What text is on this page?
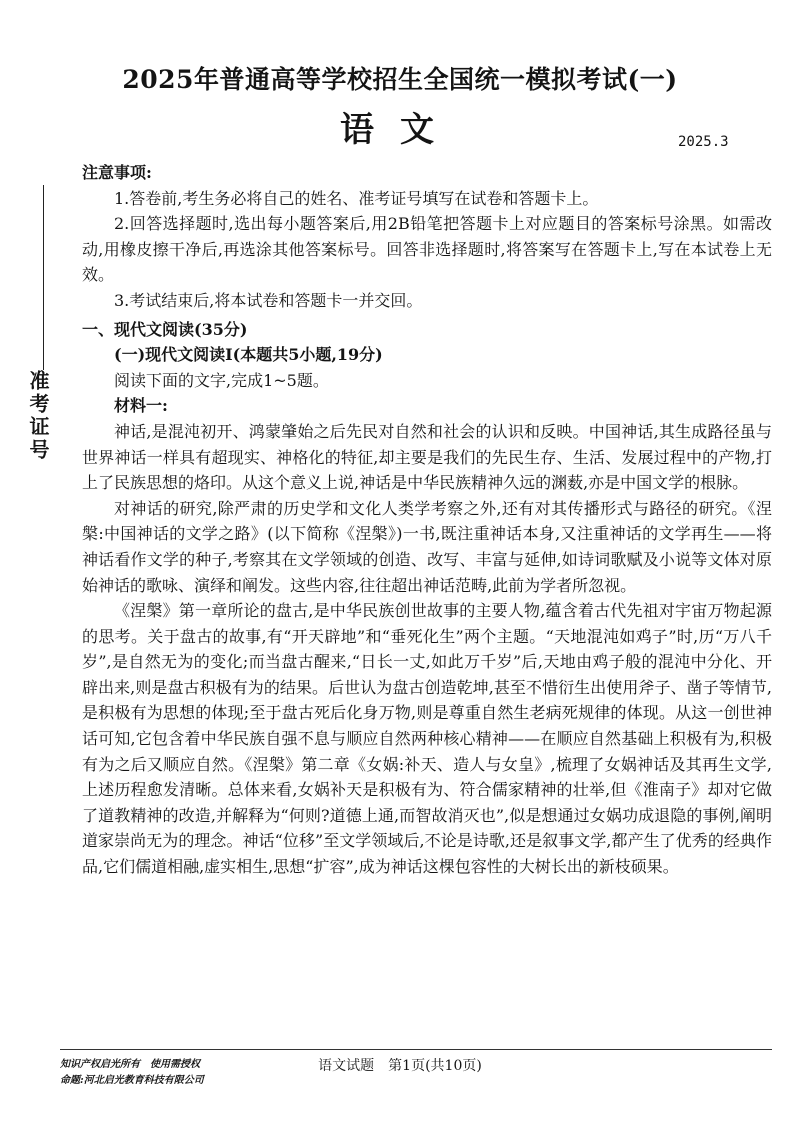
2025年普通高等学校招生全国统一模拟考试(一)
语文	2025.3
准考证号

注意事项:

1.答卷前,考生务必将自己的姓名、准考证号填写在试卷和答题卡上。

2.回答选择题时,选出每小题答案后,用2B铅笔把答题卡上对应题目的答案标号涂黑。如需改动,用橡皮擦干净后,再选涂其他答案标号。回答非选择题时,将答案写在答题卡上,写在本试卷上无效。

3.考试结束后,将本试卷和答题卡一并交回。

一、现代文阅读(35分)

(一)现代文阅读Ⅰ(本题共5小题,19分)

阅读下面的文字,完成1~5题。

材料一:

神话,是混沌初开、鸿蒙肇始之后先民对自然和社会的认识和反映。中国神话,其生成路径虽与世界神话一样具有超现实、神格化的特征,却主要是我们的先民生存、生活、发展过程中的产物,打上了民族思想的烙印。从这个意义上说,神话是中华民族精神久远的渊薮,亦是中国文学的根脉。

对神话的研究,除严肃的历史学和文化人类学考察之外,还有对其传播形式与路径的研究。《涅槃:中国神话的文学之路》(以下简称《涅槃》)一书,既注重神话本身,又注重神话的文学再生——将神话看作文学的种子,考察其在文学领域的创造、改写、丰富与延伸,如诗词歌赋及小说等文体对原始神话的歌咏、演绎和阐发。这些内容,往往超出神话范畴,此前为学者所忽视。

《涅槃》第一章所论的盘古,是中华民族创世故事的主要人物,蕴含着古代先祖对宇宙万物起源的思考。关于盘古的故事,有“开天辟地”和“垂死化生”两个主题。“天地混沌如鸡子”时,历“万八千岁”,是自然无为的变化;而当盘古醒来,“日长一丈,如此万千岁”后,天地由鸡子般的混沌中分化、开辟出来,则是盘古积极有为的结果。后世认为盘古创造乾坤,甚至不惜衍生出使用斧子、凿子等情节,是积极有为思想的体现;至于盘古死后化身万物,则是尊重自然生老病死规律的体现。从这一创世神话可知,它包含着中华民族自强不息与顺应自然两种核心精神——在顺应自然基础上积极有为,积极有为之后又顺应自然。《涅槃》第二章《女娲:补天、造人与女皇》,梳理了女娲神话及其再生文学,上述历程愈发清晰。总体来看,女娲补天是积极有为、符合儒家精神的壮举,但《淮南子》却对它做了道教精神的改造,并解释为“何则?道德上通,而智故消灭也”,似是想通过女娲功成退隐的事例,阐明道家崇尚无为的理念。神话“位移”至文学领域后,不论是诗歌,还是叙事文学,都产生了优秀的经典作品,它们儒道相融,虚实相生,思想“扩容”,成为神话这棵包容性的大树长出的新枝硕果。

知识产权启光所有　使用需授权
命题:河北启光教育科技有限公司
语文试题　第1页(共10页)
